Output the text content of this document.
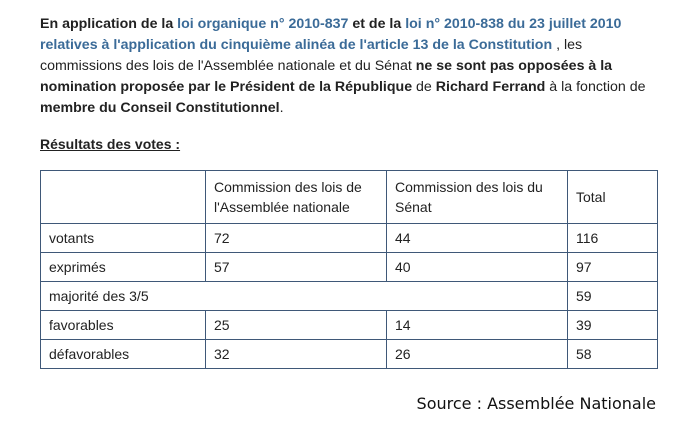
En application de la loi organique n° 2010-837 et de la loi n° 2010-838 du 23 juillet 2010 relatives à l'application du cinquième alinéa de l'article 13 de la Constitution , les commissions des lois de l'Assemblée nationale et du Sénat ne se sont pas opposées à la nomination proposée par le Président de la République de Richard Ferrand à la fonction de membre du Conseil Constitutionnel.
Résultats des votes :
	Commission des lois de l'Assemblée nationale	Commission des lois du Sénat	Total
votants	72	44	116
exprimés	57	40	97
majorité des 3/5			59
favorables	25	14	39
défavorables	32	26	58
Source : Assemblée Nationale
